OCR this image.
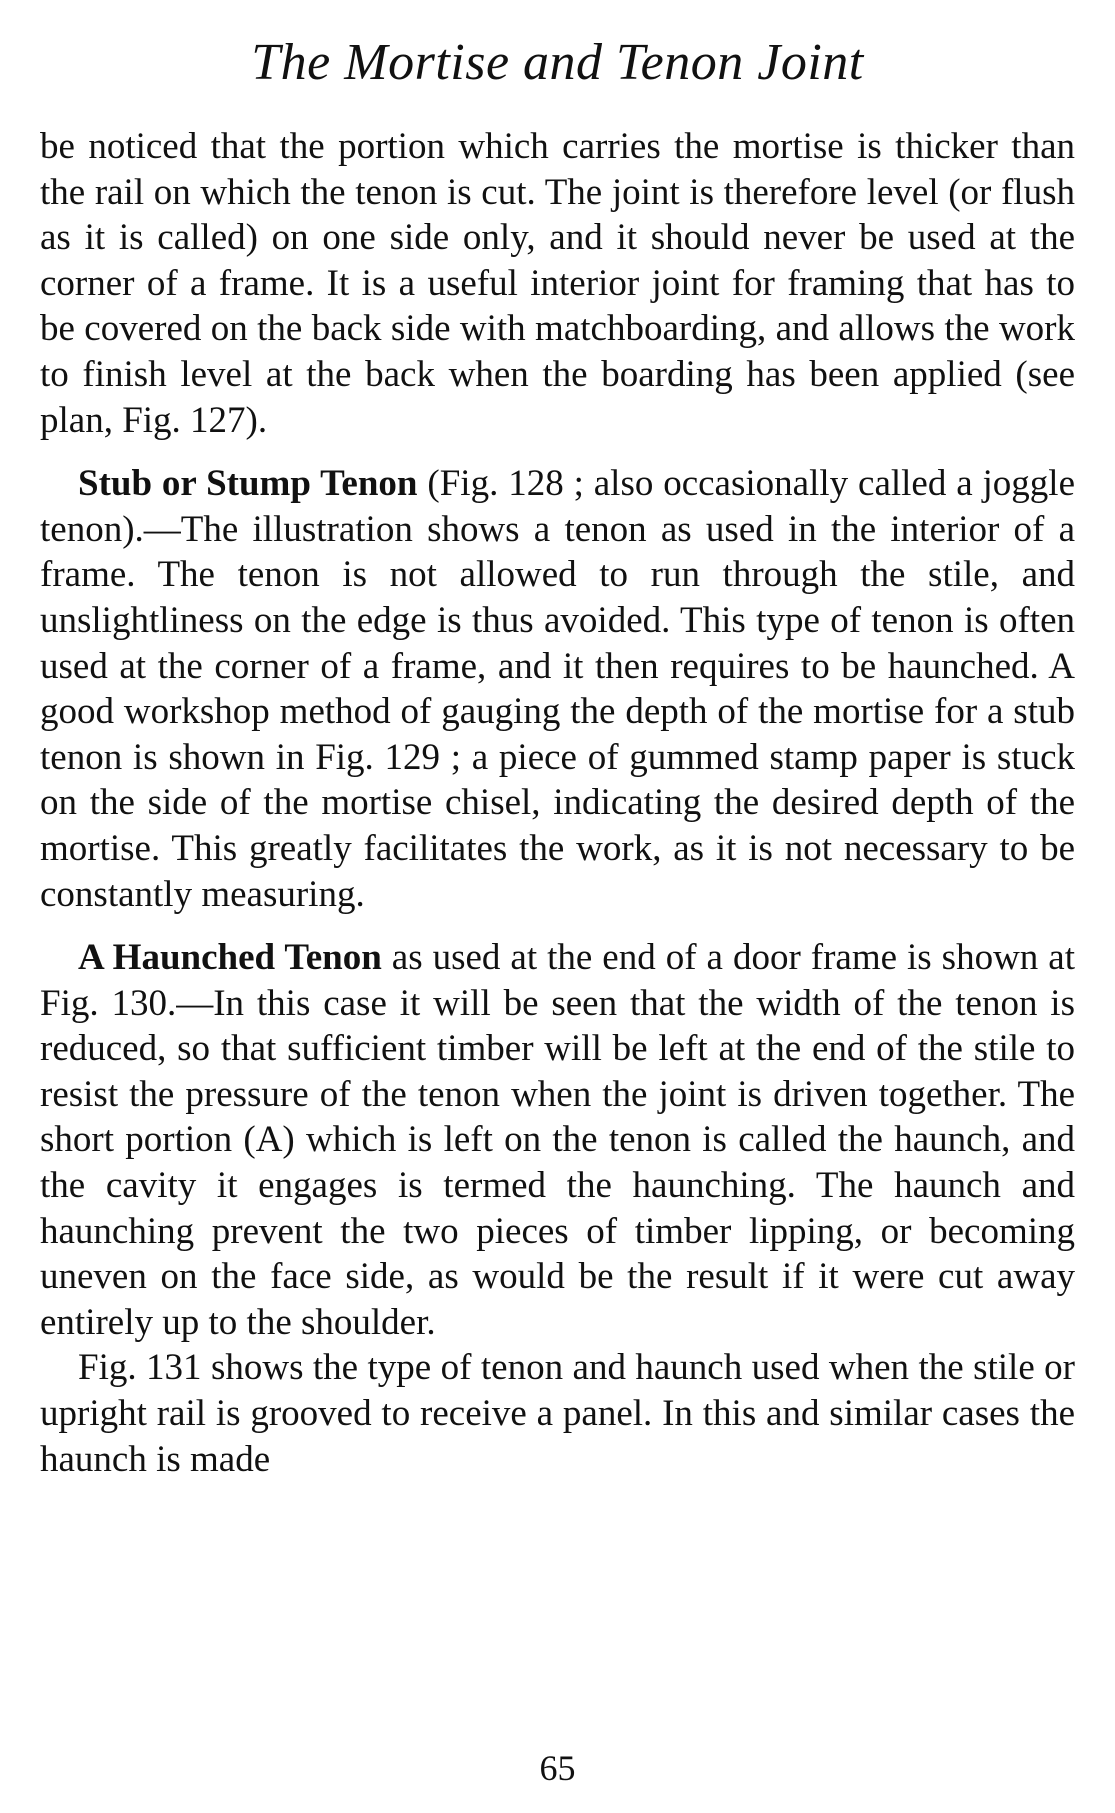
The Mortise and Tenon Joint

be noticed that the portion which carries the mortise is thicker than the rail on which the tenon is cut. The joint is therefore level (or flush as it is called) on one side only, and it should never be used at the corner of a frame. It is a useful interior joint for framing that has to be covered on the back side with matchboarding, and allows the work to finish level at the back when the boarding has been applied (see plan, Fig. 127).

Stub or Stump Tenon (Fig. 128 ; also occasionally called a joggle tenon).—The illustration shows a tenon as used in the interior of a frame. The tenon is not allowed to run through the stile, and unslightliness on the edge is thus avoided. This type of tenon is often used at the corner of a frame, and it then requires to be haunched. A good workshop method of gauging the depth of the mortise for a stub tenon is shown in Fig. 129 ; a piece of gummed stamp paper is stuck on the side of the mortise chisel, indicating the desired depth of the mortise. This greatly facilitates the work, as it is not necessary to be constantly measuring.

A Haunched Tenon as used at the end of a door frame is shown at Fig. 130.—In this case it will be seen that the width of the tenon is reduced, so that sufficient timber will be left at the end of the stile to resist the pressure of the tenon when the joint is driven together. The short portion (A) which is left on the tenon is called the haunch, and the cavity it engages is termed the haunching. The haunch and haunching prevent the two pieces of timber lipping, or becoming uneven on the face side, as would be the result if it were cut away entirely up to the shoulder.

Fig. 131 shows the type of tenon and haunch used when the stile or upright rail is grooved to receive a panel. In this and similar cases the haunch is made

65
